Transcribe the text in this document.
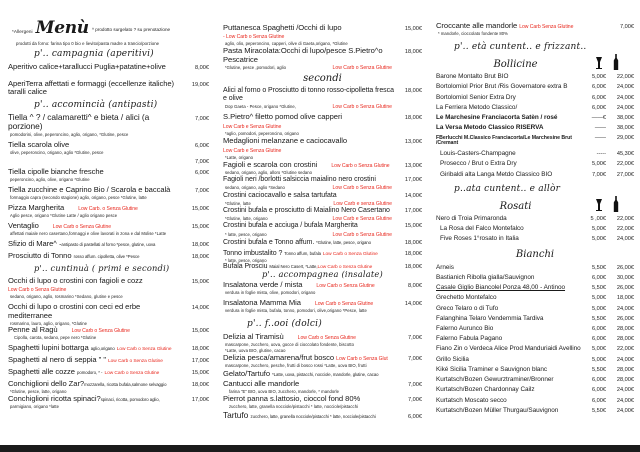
*Allergeni Menù ^ prodotto surgelato ? su prenotazione
prodotti da forno: farina tipo 0 bio e lievito/pasta madre a trancio/porzione
p'.. campagnia (aperitivi)
Aperitivo calice+tarallucci Puglia+patatine+olive	8,00€
AperiTerra affettati e formaggi (eccellenze italiche) taralli calice
19,00€
p'.. accomincià (antipasti)
Tiella ^ ? / calamaretti^ e bieta / alici (a porzione)
7,00€
pomodorini, olive, peperoncino, aglio, origano, *Glutine, pesce
Tiella scarola olive	6,00€
olive, peperoncino, origano, aglio *Glutine, pesce
7,00€
Tiella cipolle bianche fresche	6,00€
peperoncino, aglio, olive, origano *Glutine
Tiella zucchine e Caprino Bio / Scarola e baccalà	7,00€
formaggio capra (secondo stagione) aglio, origano, pesce *Glutine, latte
Pizza Margherita	Low Carb. o Senza Glutine	15,00€
Aglio pesce, origano *Glutine Latte / aglio origano pesce
Ventaglio	Low Carb o Senza Glutine	15,00€
affettati maiale nero casertano,formaggi e olive lavorati in zona e dal Molise *Latte
Sfizio di Mare^ ~antipasto di pastellati al forno *pesce, glutine, uova	18,00€
Prosciutto di Tonno rosso affum. cipolletta, olive *Pesce	18,00€
p'.. cuntinuà ( primi e secondi)
Occhi di lupo o crostini con fagioli e cozz Low Carb o Senza Glutine
15,00€
sedano, origano, aglio, rosmarino *Sedano, glutine e pesce
Occhi di lupo o crostini con ceci ed erbe mediterranee
14,00€
rosmarino, lauro, aglio, origano, *Glutine
Penne al Ragù	Low Carb o Senza Glutine	15,00€
Cipolla, carota, sedano, pepe nero *Glutine
Spaghetti lupini bottarga aglio,origano Low Carb o Senza Glutine	18,00€
Spaghetti al nero di seppia " " Low Carb o Senza Glutine	17,00€
Spaghetti alle cozze pomodoro, * - Low Carb o Senza Glutine	15,00€
Conchiglioni dello Zar?mozzarella, ricotta bufala,salmone selvaggio	18,00€
*Glutine, pesce, latte, origano
Conchiglioni ricotta spinaci?spinaci, ricotta, pomodoro aglio,	17,00€
parmigiano, origano *latte
Puttanesca Spaghetti /Occhi di lupo - Low Carb o Senza Glutine
15,00€
aglio, olio, peperoncino, capperi, olive di Gaeta,origano, *Glutine
Pasta Miracolata:Occhi di lupo/pesce S.Pietro^o Pescatrice
18,00€
*Glutine, pesce ,pomodori, aglio	Low Carb o Senza Glutine
secondi
Alici al forno o Prosciutto di tonno rosso-cipolletta fresca e olive
18,00€
Dop Gaeta - Pesce, origano *Glutine,	Low Carb o Senza Glutine
S.Pietro^ filetto pomod olive capperi Low Carb e Senza Glutine
18,00€
*aglio, pomodori, peperoncino, origano
Medaglioni melanzane e caciocavallo Low Carb e Senza Glutine
13,00€
*Latte, origano
Fagioli e scarola con crostini	Low Carb o Senza Glutine	13,00€
sedano, origano, aglio, alloro *Glutine sedano
Fagioli neri /borlotti salsiccia maialino nero crostini	17,00€
sedano, origano, aglio *Sedano	Low Carb o Senza Glutine
Crostini caciocavallo e salsa tartufata	14,00€
*Glutine, latte	Low Carb e senza Glutine
Crostini bufala e prosciutto di Maialino Nero Casertano	17,00€
*Glutine, latte, origano	Low Carb e Senza Glutine
Crostini bufala e acciuga / bufala Margherita	15,00€
* latte, pesce, origano	Low Carb o Senza Glutine
Crostini bufala e Tonno affum. *Glutine, latte, pesce, origano	18,00€
Tonno imbustalito ? Tonno affum, bufala Low Carb o Senza Glutine	18,00€
* latte, pesce, origano
Bufala Prosciu Maial Nero Casert, *Latte,Low Carb o Senza Glutine	18,00€
p'.. accompagnea (insalate)
Insalatona verde / mista	Low Carb o Senza Glutine	8,00€
verdura in foglie mista, olive, pomodori, origano
Insalatona Mamma Mia	Low Carb o Senza Glutine	14,00€
verdura in foglie mista, bufala, tonno, pomodori, olive,origano *Pesce, latte
p'.. f..ooi (dolci)
Delizia al Tiramisù	Low Carb o Senza Glutine	7,00€
mascarpone, zucchero, uova, gocce di cioccolato fondente, biscotto
*Latte, uova BIO, glutine, cacao
Delizia pesca/amarena/frut bosco Low Carb o Senza Glut	7,00€
mascarpone, zucchero, pesche, frutti di bosco rossi *Latte, uova BIO, frutti
Gelato/Tartufo *Latte, uova, pistacchi, nocciole, mandorle, glutine, cacao
Cantucci alle mandorle	7,00€
farina "E" BIO, uova BIO, zucchero, mandorle, * mandorle
Pierrot panna s.lattosio, cioccol fond 80%	7,00€
zucchero, latte, granella nocciole/pistacchi * latte, nocciole/pistacchi
Tartufo zucchero, latte, granella nocciole/pistacchi * latte, nocciole/pistacchi	6,00€
Croccante alle mandorle Low Carb Senza Glutine	7,00€
* mandorle, cioccolato fondente 80%
p'.. età cuntent.. e frizzant..
Bollicine
Barone Montalto Brut BIO	5,00€	22,00€
Bortolomiol Prior Brut /Ris Governatore extra B	6,00€	24,00€
Bortolomiol Senior Extra Dry	6,00€	24,00€
La Ferriera Metodo Classico/	6,00€	24,00€
Le Marchesine Franciacorta Satèn / rosé	——€	38,00€
La Versa Metodo Classico RISERVA	——	38,00€
FBerlucchi M.Classico Franciacorta/Le Marchesine Brut /Cremant
——	29,00€
Louis-Casters-Champagne	-----	45,30€
Prosecco / Brut o Extra Dry	5,00€	22,00€
Giribaldi alta Langa Metdo Classico BIO	7,00€	27,00€
p..ata cuntent.. e allòr
Rosati
Nero di Troia Primaronda	5 ,00€	22,00€
La Rosa del Falco Montefalco	5,00€	22,00€
Five Roses 1°rosato in Italia	5,00€	24,00€
Bianchi
Arneis	5,50€	26,00€
Bastianich Ribolla gialla/Sauvignon	6,00€	30,00€
Casale Giglio Biancolel Ponza 48,00 - Antinoo	5,50€	26,00€
Grechetto Montefalco	5,00€	18,00€
Greco Telaro o di Tufo	5,00€	24,00€
Falanghina Telaro Vendemmia Tardiva	5,50€	26,00€
Falerno Aurunco Bio	6,00€	28,00€
Falerno Fabula Pagano	6,00€	28,00€
Fiano Zin o Verdeca Alice Prod Manduriaidi Avellino	5,00€	22,00€
Grillo Sicilia	5,00€	24,00€
Kiké Sicilia Traminer e Sauvignon blanc	5,50€	28,00€
Kurtatsch/Bozen Gewurztraminer/Bronner	6,00€	28,00€
Kurtatsch/Bozen Chardonnay Cailz	6,00€	24,00€
Kurtatsch Moscato secco	6,00€	24,00€
Kurtatsch/Bozen Müller Thurgau/Sauvignon	5,50€	24,00€
